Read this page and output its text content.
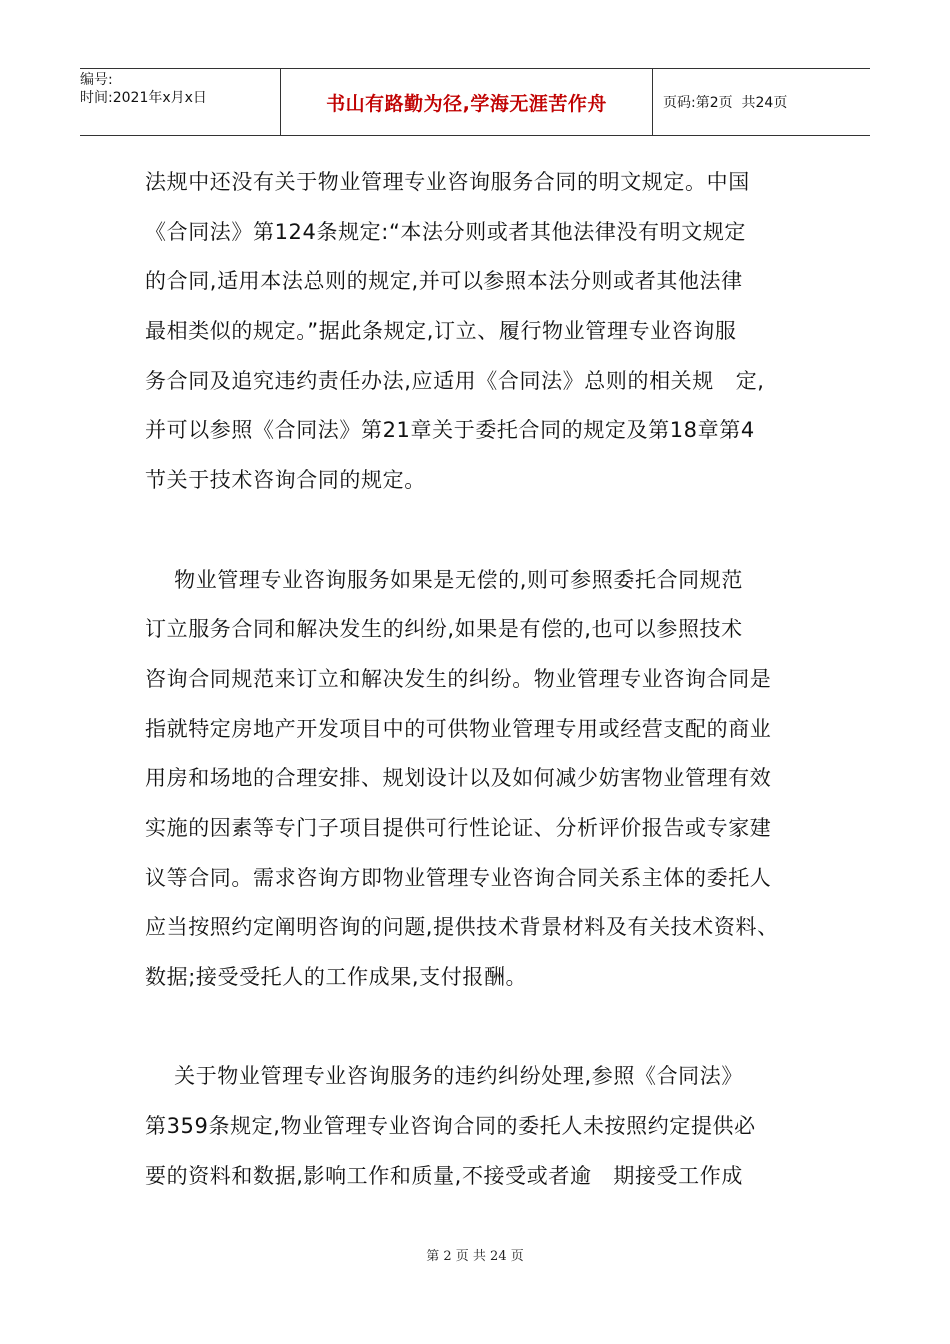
编号:
时间:2021年x月x日	书山有路勤为径,学海无涯苦作舟	页码:第2页  共24页
法规中还没有关于物业管理专业咨询服务合同的明文规定。中国
《合同法》第124条规定:“本法分则或者其他法律没有明文规定
的合同,适用本法总则的规定,并可以参照本法分则或者其他法律
最相类似的规定。”据此条规定,订立、履行物业管理专业咨询服
务合同及追究违约责任办法,应适用《合同法》总则的相关规   定,
并可以参照《合同法》第21章关于委托合同的规定及第18章第4
节关于技术咨询合同的规定。
物业管理专业咨询服务如果是无偿的,则可参照委托合同规范
订立服务合同和解决发生的纠纷,如果是有偿的,也可以参照技术
咨询合同规范来订立和解决发生的纠纷。物业管理专业咨询合同是
指就特定房地产开发项目中的可供物业管理专用或经营支配的商业
用房和场地的合理安排、规划设计以及如何减少妨害物业管理有效
实施的因素等专门子项目提供可行性论证、分析评价报告或专家建
议等合同。需求咨询方即物业管理专业咨询合同关系主体的委托人
应当按照约定阐明咨询的问题,提供技术背景材料及有关技术资料、
数据;接受受托人的工作成果,支付报酬。
关于物业管理专业咨询服务的违约纠纷处理,参照《合同法》
第359条规定,物业管理专业咨询合同的委托人未按照约定提供必
要的资料和数据,影响工作和质量,不接受或者逾   期接受工作成
第 2 页 共 24 页
